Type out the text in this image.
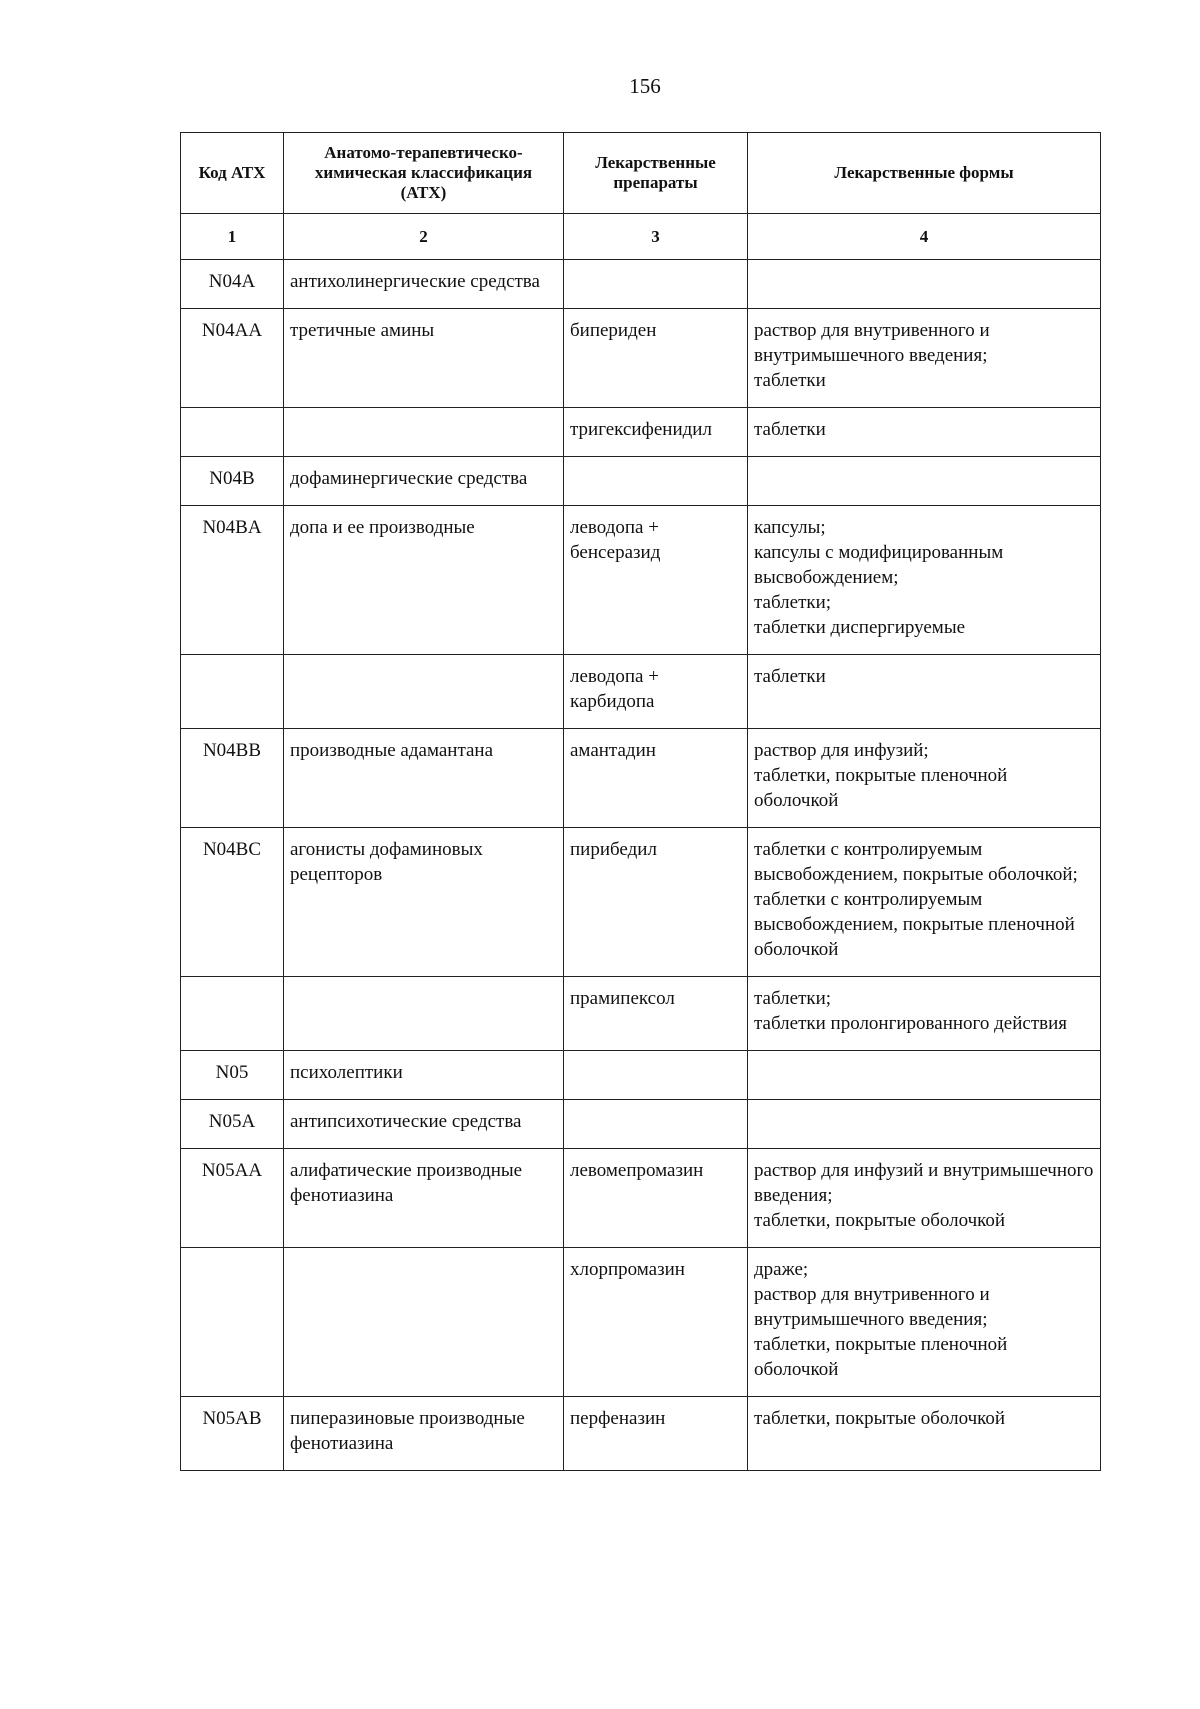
156
Код АТХ	Анатомо-терапевтическо-химическая классификация (АТХ)	Лекарственные препараты	Лекарственные формы
1	2	3	4
N04A	антихолинергические средства		
N04AA	третичные амины	бипериден	раствор для внутривенного и внутримышечного введения;
таблетки

		тригексифенидил	таблетки

N04B	дофаминергические средства		
N04BA	допа и ее производные	леводопа + бенсеразид	капсулы;
капсулы с модифицированным высвобождением;
таблетки;
таблетки диспергируемые

		леводопа + карбидопа	таблетки

N04BB	производные адамантана	амантадин	раствор для инфузий;
таблетки, покрытые пленочной оболочкой

N04BC	агонисты дофаминовых рецепторов	пирибедил	таблетки с контролируемым высвобождением, покрытые оболочкой;
таблетки с контролируемым высвобождением, покрытые пленочной оболочкой

		прамипексол	таблетки;
таблетки пролонгированного действия

N05	психолептики		
N05A	антипсихотические средства		
N05AA	алифатические производные фенотиазина	левомепромазин	раствор для инфузий и внутримышечного введения;
таблетки, покрытые оболочкой

		хлорпромазин	драже;
раствор для внутривенного и внутримышечного введения;
таблетки, покрытые пленочной оболочкой

N05AB	пиперазиновые производные фенотиазина	перфеназин	таблетки, покрытые оболочкой
